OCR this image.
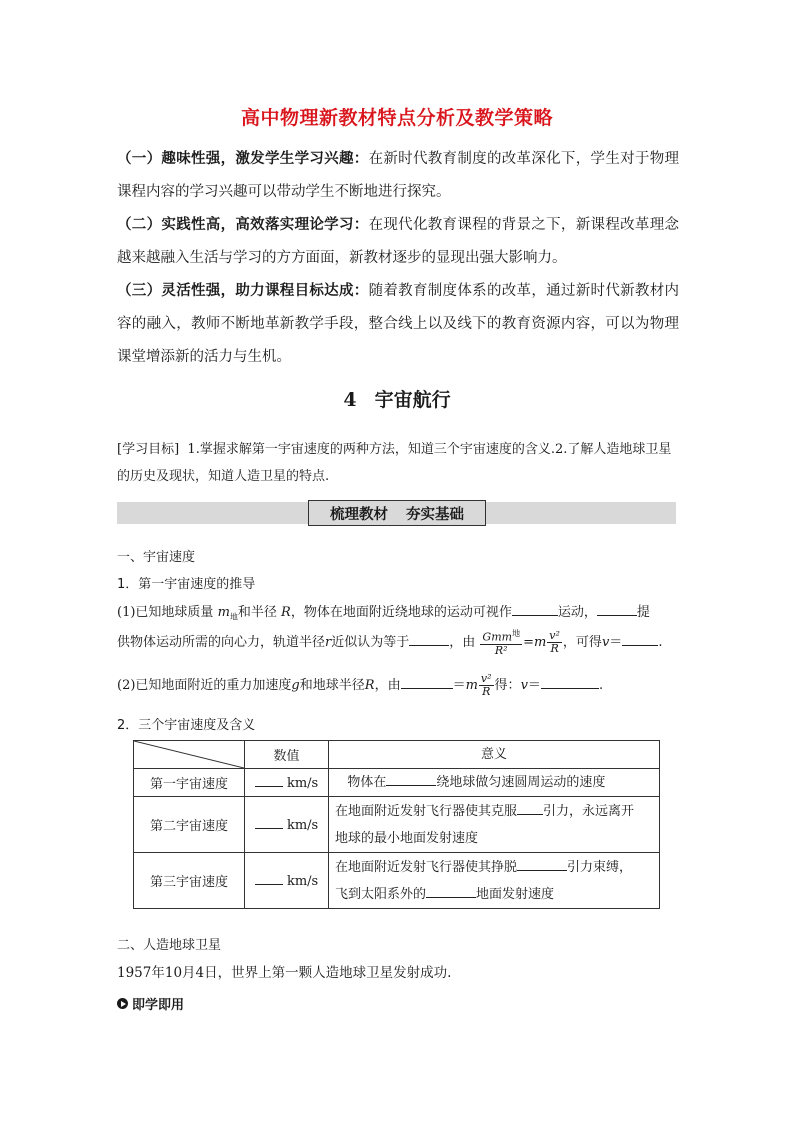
高中物理新教材特点分析及教学策略
（一）趣味性强，激发学生学习兴趣：在新时代教育制度的改革深化下，学生对于物理课程内容的学习兴趣可以带动学生不断地进行探究。
（二）实践性高，高效落实理论学习：在现代化教育课程的背景之下，新课程改革理念越来越融入生活与学习的方方面面，新教材逐步的显现出强大影响力。
（三）灵活性强，助力课程目标达成：随着教育制度体系的改革，通过新时代新教材内容的融入，教师不断地革新教学手段，整合线上以及线下的教育资源内容，可以为物理课堂增添新的活力与生机。
4 宇宙航行
[学习目标] 1.掌握求解第一宇宙速度的两种方法，知道三个宇宙速度的含义.2.了解人造地球卫星的历史及现状，知道人造卫星的特点.
梳理教材 夯实基础
一、宇宙速度
1．第一宇宙速度的推导
(1)已知地球质量 $m_地$和半径 R，物体在地面附近绕地球的运动可视作	运动，	提
供物体运动所需的向心力，轨道半径r近似认为等于	，由 $\frac{Gmm^地}{\text{R²}} =m \frac{\text{v²}}{R}$ ，可得v＝	.
(2)已知地面附近的重力加速度g和地球半径R，由	$=m \frac{\text{v²}}{R}$ 得：v＝	.
2．三个宇宙速度及含义
	数值	意义
第一宇宙速度	km/s	物体在 绕地球做匀速圆周运动的速度
第二宇宙速度	km/s	在地面附近发射飞行器使其克服 引力，永远离开
地球的最小地面发射速度
第三宇宙速度	km/s	在地面附近发射飞行器使其挣脱 引力束缚，
飞到太阳系外的 地面发射速度
二、人造地球卫星
1957年10月4日，世界上第一颗人造地球卫星发射成功.
即学即用
